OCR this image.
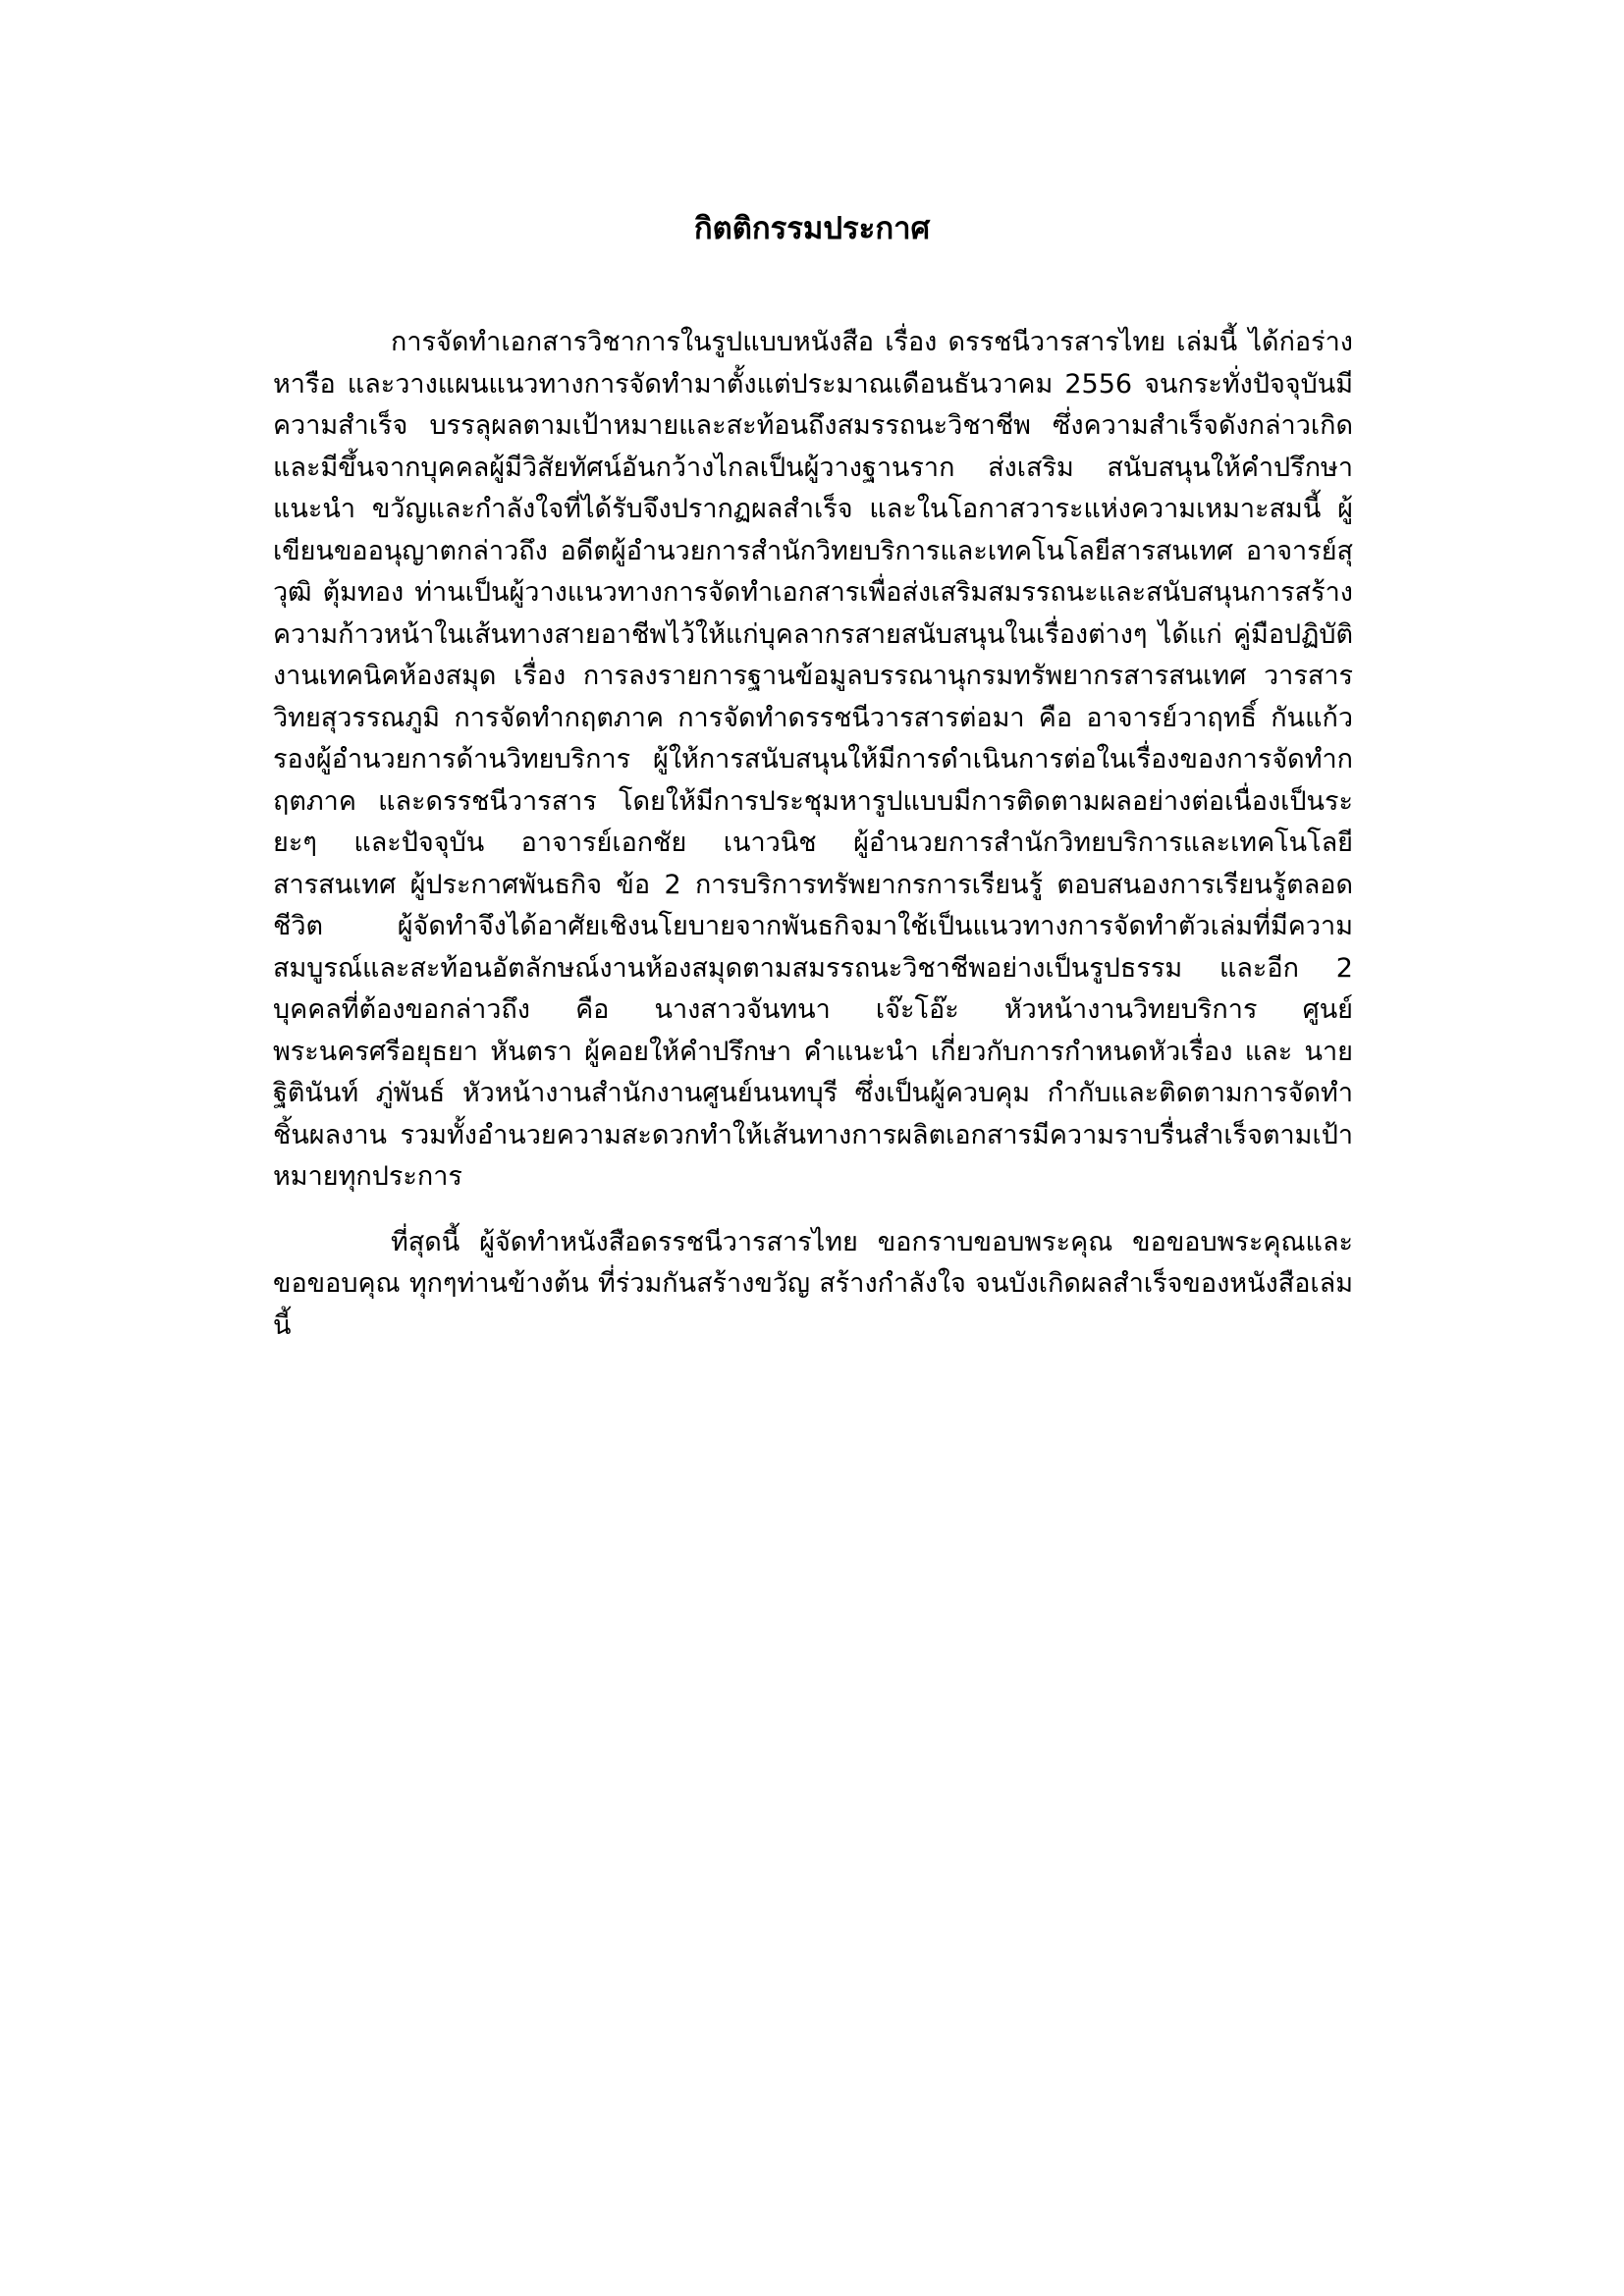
กิตติกรรมประกาศ

การจัดทำเอกสารวิชาการในรูปแบบหนังสือ เรื่อง ดรรชนีวารสารไทย เล่มนี้ ได้ก่อร่างหารือ และวางแผนแนวทางการจัดทำมาตั้งแต่ประมาณเดือนธันวาคม 2556 จนกระทั่งปัจจุบันมีความสำเร็จ บรรลุผลตามเป้าหมายและสะท้อนถึงสมรรถนะวิชาชีพ ซึ่งความสำเร็จดังกล่าวเกิดและมีขึ้นจากบุคคลผู้มีวิสัยทัศน์อันกว้างไกลเป็นผู้วางฐานราก ส่งเสริม สนับสนุนให้คำปรึกษา แนะนำ ขวัญและกำลังใจที่ได้รับจึงปรากฏผลสำเร็จ และในโอกาสวาระแห่งความเหมาะสมนี้ ผู้เขียนขออนุญาตกล่าวถึง อดีตผู้อำนวยการสำนักวิทยบริการและเทคโนโลยีสารสนเทศ อาจารย์สุวุฒิ ตุ้มทอง ท่านเป็นผู้วางแนวทางการจัดทำเอกสารเพื่อส่งเสริมสมรรถนะและสนับสนุนการสร้างความก้าวหน้าในเส้นทางสายอาชีพไว้ให้แก่บุคลากรสายสนับสนุนในเรื่องต่างๆ ได้แก่ คู่มือปฏิบัติงานเทคนิคห้องสมุด เรื่อง การลงรายการฐานข้อมูลบรรณานุกรมทรัพยากรสารสนเทศ วารสารวิทยสุวรรณภูมิ การจัดทำกฤตภาค การจัดทำดรรชนีวารสารต่อมา คือ อาจารย์วาฤทธิ์ กันแก้ว รองผู้อำนวยการด้านวิทยบริการ ผู้ให้การสนับสนุนให้มีการดำเนินการต่อในเรื่องของการจัดทำกฤตภาค และดรรชนีวารสาร โดยให้มีการประชุมหารูปแบบมีการติดตามผลอย่างต่อเนื่องเป็นระยะๆ และปัจจุบัน อาจารย์เอกชัย เนาวนิช ผู้อำนวยการสำนักวิทยบริการและเทคโนโลยีสารสนเทศ ผู้ประกาศพันธกิจ ข้อ 2 การบริการทรัพยากรการเรียนรู้ ตอบสนองการเรียนรู้ตลอดชีวิต ผู้จัดทำจึงได้อาศัยเชิงนโยบายจากพันธกิจมาใช้เป็นแนวทางการจัดทำตัวเล่มที่มีความสมบูรณ์และสะท้อนอัตลักษณ์งานห้องสมุดตามสมรรถนะวิชาชีพอย่างเป็นรูปธรรม และอีก 2 บุคคลที่ต้องขอกล่าวถึง คือ นางสาวจันทนา เจ๊ะโอ๊ะ หัวหน้างานวิทยบริการ ศูนย์พระนครศรีอยุธยา หันตรา ผู้คอยให้คำปรึกษา คำแนะนำ เกี่ยวกับการกำหนดหัวเรื่อง และ นายฐิตินันท์ ภู่พันธ์ หัวหน้างานสำนักงานศูนย์นนทบุรี ซึ่งเป็นผู้ควบคุม กำกับและติดตามการจัดทำชิ้นผลงาน รวมทั้งอำนวยความสะดวกทำให้เส้นทางการผลิตเอกสารมีความราบรื่นสำเร็จตามเป้าหมายทุกประการ

ที่สุดนี้ ผู้จัดทำหนังสือดรรชนีวารสารไทย ขอกราบขอบพระคุณ ขอขอบพระคุณและขอขอบคุณ ทุกๆท่านข้างต้น ที่ร่วมกันสร้างขวัญ สร้างกำลังใจ จนบังเกิดผลสำเร็จของหนังสือเล่มนี้
